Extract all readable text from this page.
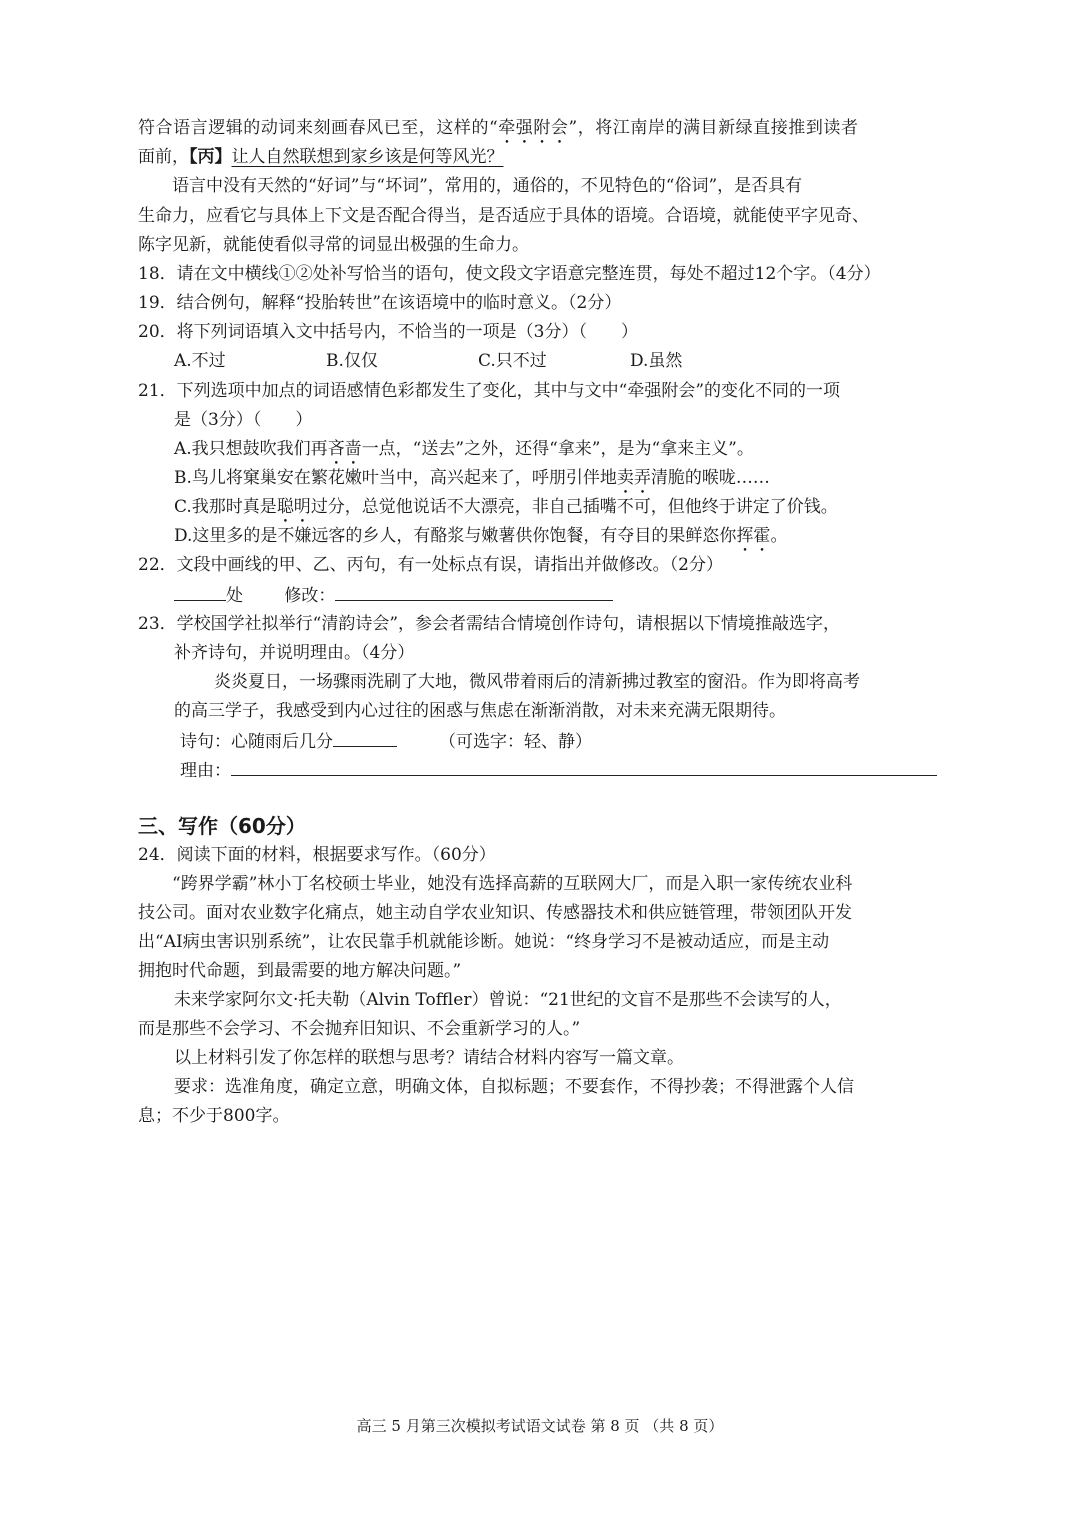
符合语言逻辑的动词来刻画春风已至，这样的“牵强附会”，将江南岸的满目新绿直接推到读者
面前，【丙】让人自然联想到家乡该是何等风光？
语言中没有天然的“好词”与“坏词”，常用的，通俗的，不见特色的“俗词”，是否具有
生命力，应看它与具体上下文是否配合得当，是否适应于具体的语境。合语境，就能使平字见奇、
陈字见新，就能使看似寻常的词显出极强的生命力。
18．请在文中横线①②处补写恰当的语句，使文段文字语意完整连贯，每处不超过12个字。（4分）
19．结合例句，解释“投胎转世”在该语境中的临时意义。（2分）
20．将下列词语填入文中括号内，不恰当的一项是（3分）（　　）
A.不过	B.仅仅	C.只不过	D.虽然
21．下列选项中加点的词语感情色彩都发生了变化，其中与文中“牵强附会”的变化不同的一项
是（3分）（　　）
A.我只想鼓吹我们再吝啬一点，“送去”之外，还得“拿来”，是为“拿来主义”。
B.鸟儿将窠巢安在繁花嫩叶当中，高兴起来了，呼朋引伴地卖弄清脆的喉咙……
C.我那时真是聪明过分，总觉他说话不大漂亮，非自己插嘴不可，但他终于讲定了价钱。
D.这里多的是不嫌远客的乡人，有酪浆与嫩薯供你饱餐，有夺目的果鲜恣你挥霍。
22．文段中画线的甲、乙、丙句，有一处标点有误，请指出并做修改。（2分）
处 修改：
23．学校国学社拟举行“清韵诗会”，参会者需结合情境创作诗句，请根据以下情境推敲选字，
补齐诗句，并说明理由。（4分）
炎炎夏日，一场骤雨洗刷了大地，微风带着雨后的清新拂过教室的窗沿。作为即将高考
的高三学子，我感受到内心过往的困惑与焦虑在渐渐消散，对未来充满无限期待。
诗句：心随雨后几分	（可选字：轻、静）
理由：
三、写作（60分）
24．阅读下面的材料，根据要求写作。（60分）
“跨界学霸”林小丁名校硕士毕业，她没有选择高薪的互联网大厂，而是入职一家传统农业科
技公司。面对农业数字化痛点，她主动自学农业知识、传感器技术和供应链管理，带领团队开发
出“AI病虫害识别系统”，让农民靠手机就能诊断。她说：“终身学习不是被动适应，而是主动
拥抱时代命题，到最需要的地方解决问题。”
未来学家阿尔文·托夫勒（Alvin Toffler）曾说：“21世纪的文盲不是那些不会读写的人，
而是那些不会学习、不会抛弃旧知识、不会重新学习的人。”
以上材料引发了你怎样的联想与思考？请结合材料内容写一篇文章。
要求：选准角度，确定立意，明确文体，自拟标题；不要套作，不得抄袭；不得泄露个人信
息；不少于800字。
高三 5 月第三次模拟考试语文试卷 第 8 页 （共 8 页）
